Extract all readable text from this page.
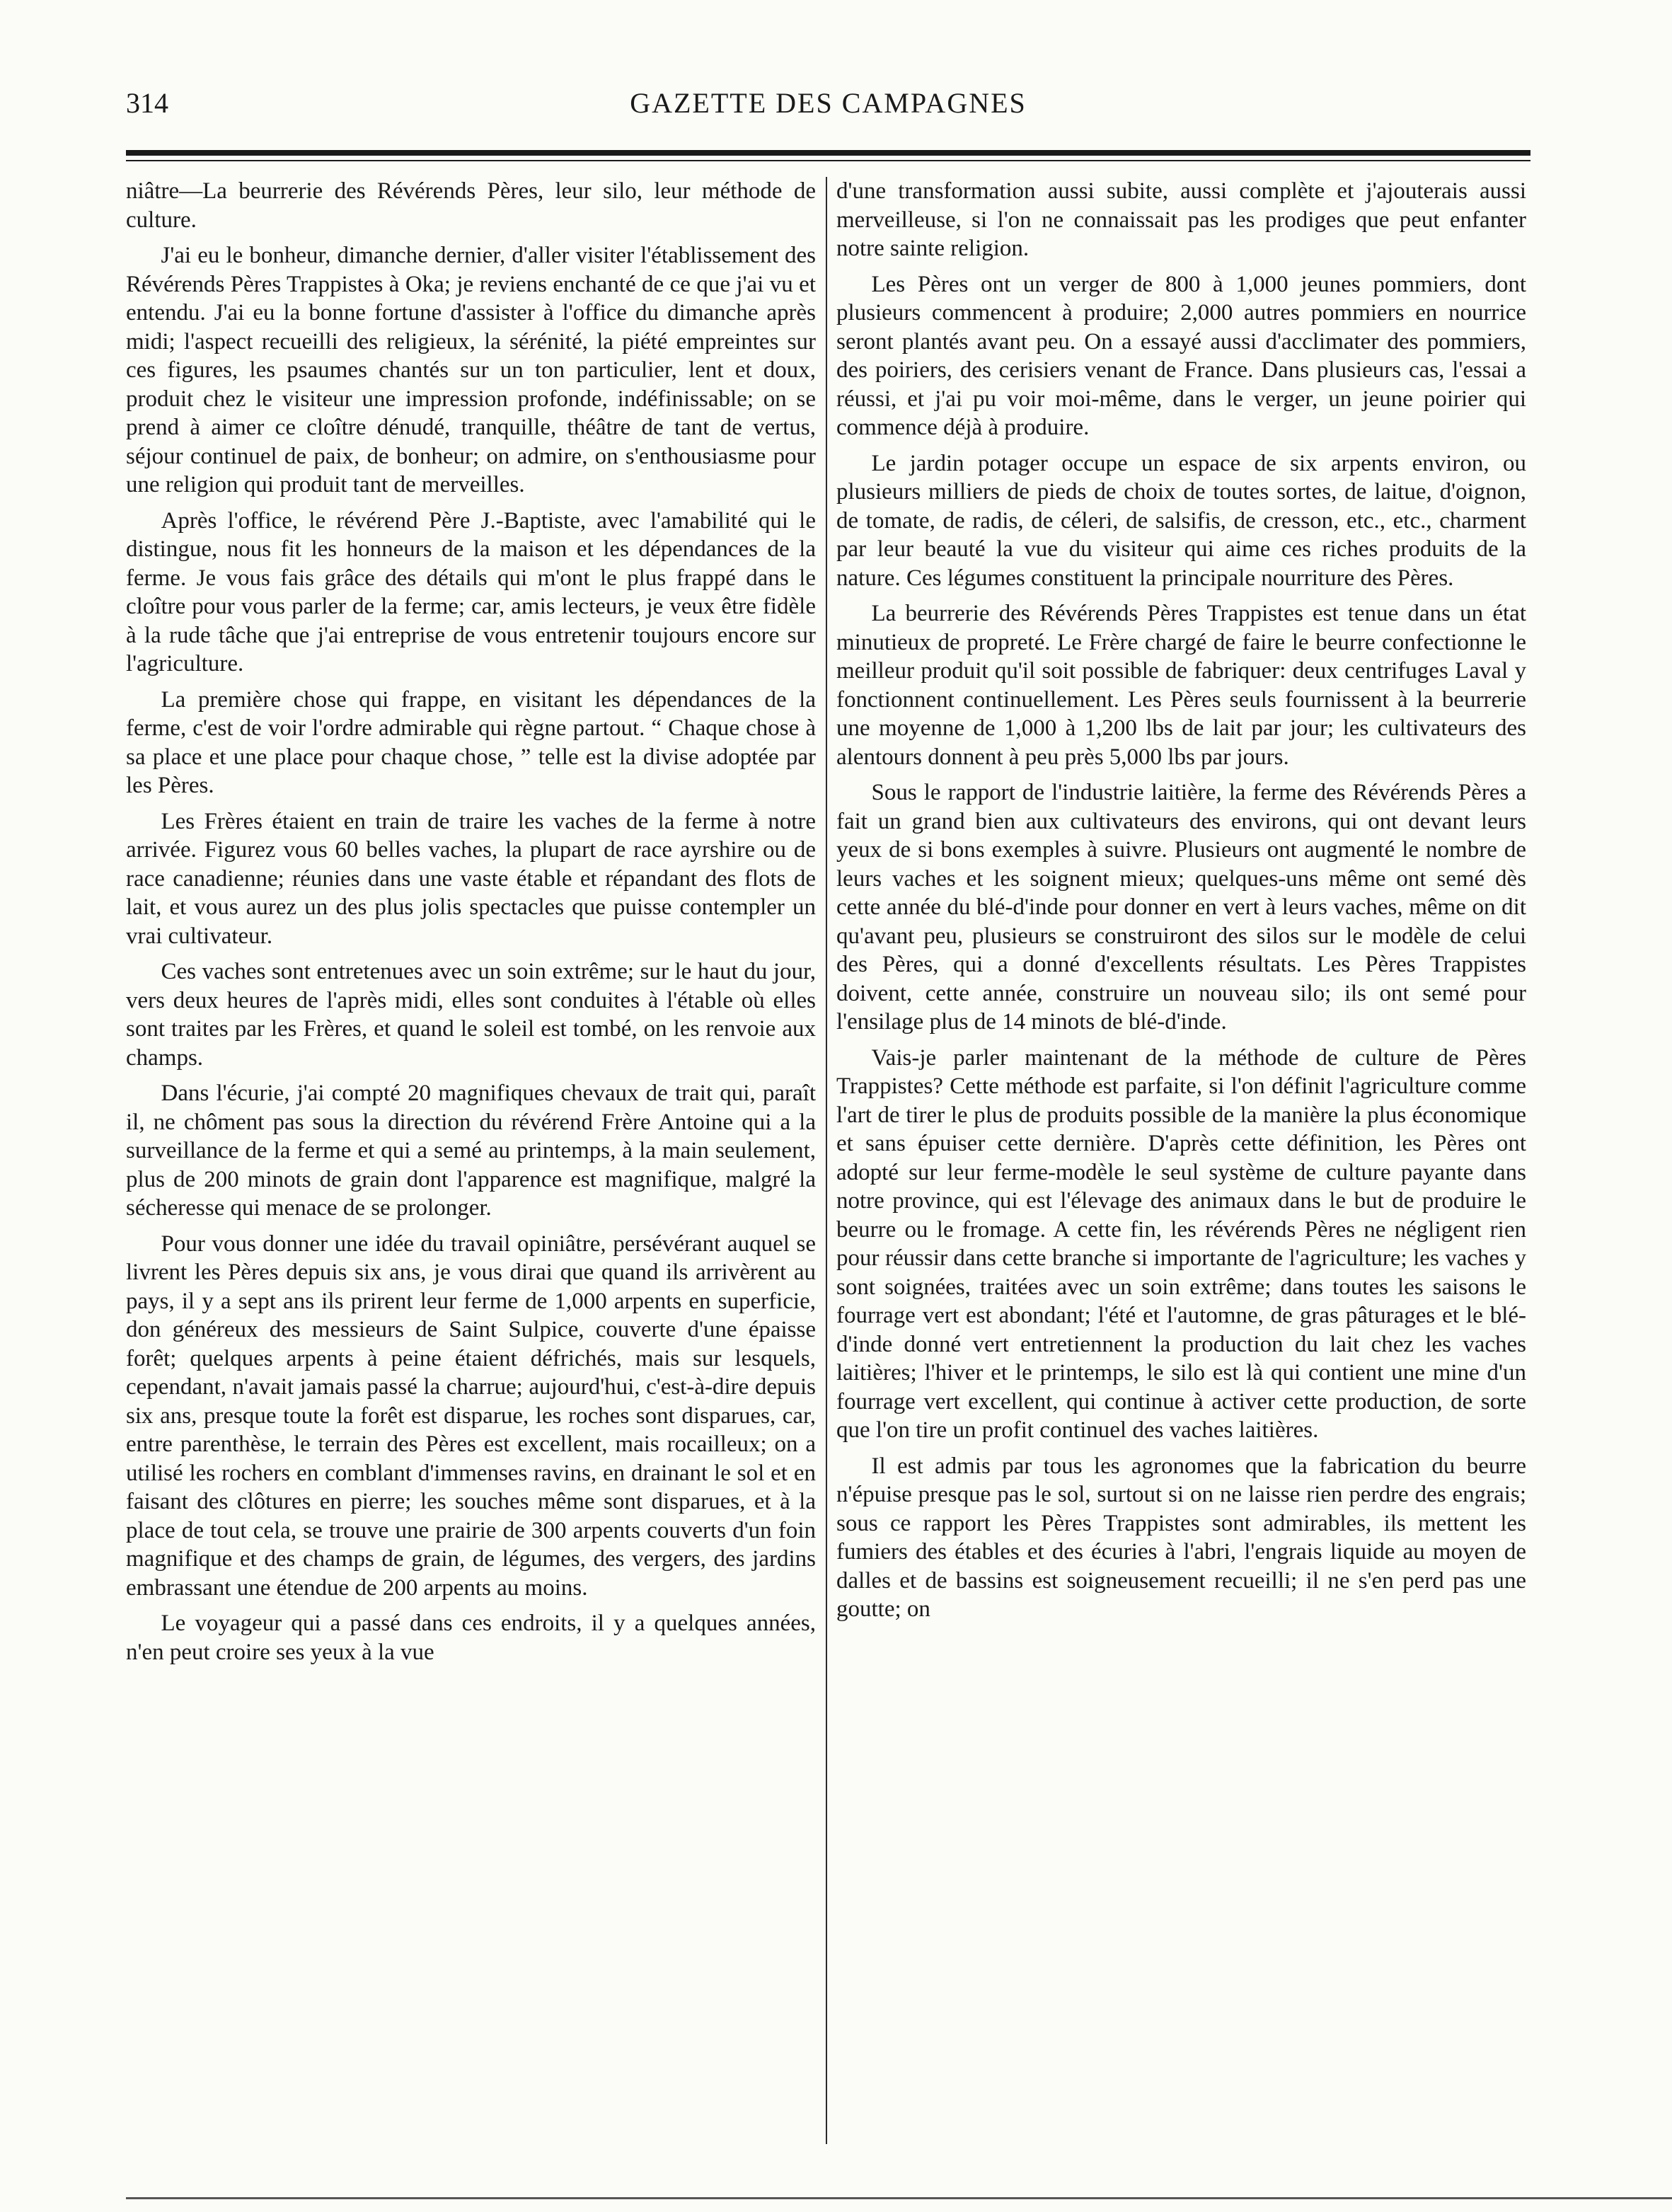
314	GAZETTE DES CAMPAGNES

niâtre—La beurrerie des Révérends Pères, leur silo, leur méthode de culture.

J'ai eu le bonheur, dimanche dernier, d'aller visiter l'établissement des Révérends Pères Trappistes à Oka; je reviens enchanté de ce que j'ai vu et entendu. J'ai eu la bonne fortune d'assister à l'office du dimanche après midi; l'aspect recueilli des religieux, la sérénité, la piété empreintes sur ces figures, les psaumes chantés sur un ton particulier, lent et doux, produit chez le visiteur une impression profonde, indéfinissable; on se prend à aimer ce cloître dénudé, tranquille, théâtre de tant de vertus, séjour continuel de paix, de bonheur; on admire, on s'enthousiasme pour une religion qui produit tant de merveilles.

Après l'office, le révérend Père J.-Baptiste, avec l'amabilité qui le distingue, nous fit les honneurs de la maison et les dépendances de la ferme. Je vous fais grâce des détails qui m'ont le plus frappé dans le cloître pour vous parler de la ferme; car, amis lecteurs, je veux être fidèle à la rude tâche que j'ai entreprise de vous entretenir toujours encore sur l'agriculture.

La première chose qui frappe, en visitant les dépendances de la ferme, c'est de voir l'ordre admirable qui règne partout. “ Chaque chose à sa place et une place pour chaque chose, ” telle est la divise adoptée par les Pères.

Les Frères étaient en train de traire les vaches de la ferme à notre arrivée. Figurez vous 60 belles vaches, la plupart de race ayrshire ou de race canadienne; réunies dans une vaste étable et répandant des flots de lait, et vous aurez un des plus jolis spectacles que puisse contempler un vrai cultivateur.

Ces vaches sont entretenues avec un soin extrême; sur le haut du jour, vers deux heures de l'après midi, elles sont conduites à l'étable où elles sont traites par les Frères, et quand le soleil est tombé, on les renvoie aux champs.

Dans l'écurie, j'ai compté 20 magnifiques chevaux de trait qui, paraît il, ne chôment pas sous la direction du révérend Frère Antoine qui a la surveillance de la ferme et qui a semé au printemps, à la main seulement, plus de 200 minots de grain dont l'apparence est magnifique, malgré la sécheresse qui menace de se prolonger.

Pour vous donner une idée du travail opiniâtre, persévérant auquel se livrent les Pères depuis six ans, je vous dirai que quand ils arrivèrent au pays, il y a sept ans ils prirent leur ferme de 1,000 arpents en superficie, don généreux des messieurs de Saint Sulpice, couverte d'une épaisse forêt; quelques arpents à peine étaient défrichés, mais sur lesquels, cependant, n'avait jamais passé la charrue; aujourd'hui, c'est-à-dire depuis six ans, presque toute la forêt est disparue, les roches sont disparues, car, entre parenthèse, le terrain des Pères est excellent, mais rocailleux; on a utilisé les rochers en comblant d'immenses ravins, en drainant le sol et en faisant des clôtures en pierre; les souches même sont disparues, et à la place de tout cela, se trouve une prairie de 300 arpents couverts d'un foin magnifique et des champs de grain, de légumes, des vergers, des jardins embrassant une étendue de 200 arpents au moins.

Le voyageur qui a passé dans ces endroits, il y a quelques années, n'en peut croire ses yeux à la vue

d'une transformation aussi subite, aussi complète et j'ajouterais aussi merveilleuse, si l'on ne connaissait pas les prodiges que peut enfanter notre sainte religion.

Les Pères ont un verger de 800 à 1,000 jeunes pommiers, dont plusieurs commencent à produire; 2,000 autres pommiers en nourrice seront plantés avant peu. On a essayé aussi d'acclimater des pommiers, des poiriers, des cerisiers venant de France. Dans plusieurs cas, l'essai a réussi, et j'ai pu voir moi-même, dans le verger, un jeune poirier qui commence déjà à produire.

Le jardin potager occupe un espace de six arpents environ, ou plusieurs milliers de pieds de choix de toutes sortes, de laitue, d'oignon, de tomate, de radis, de céleri, de salsifis, de cresson, etc., etc., charment par leur beauté la vue du visiteur qui aime ces riches produits de la nature. Ces légumes constituent la principale nourriture des Pères.

La beurrerie des Révérends Pères Trappistes est tenue dans un état minutieux de propreté. Le Frère chargé de faire le beurre confectionne le meilleur produit qu'il soit possible de fabriquer: deux centrifuges Laval y fonctionnent continuellement. Les Pères seuls fournissent à la beurrerie une moyenne de 1,000 à 1,200 lbs de lait par jour; les cultivateurs des alentours donnent à peu près 5,000 lbs par jours.

Sous le rapport de l'industrie laitière, la ferme des Révérends Pères a fait un grand bien aux cultivateurs des environs, qui ont devant leurs yeux de si bons exemples à suivre. Plusieurs ont augmenté le nombre de leurs vaches et les soignent mieux; quelques-uns même ont semé dès cette année du blé-d'inde pour donner en vert à leurs vaches, même on dit qu'avant peu, plusieurs se construiront des silos sur le modèle de celui des Pères, qui a donné d'excellents résultats. Les Pères Trappistes doivent, cette année, construire un nouveau silo; ils ont semé pour l'ensilage plus de 14 minots de blé-d'inde.

Vais-je parler maintenant de la méthode de culture de Pères Trappistes? Cette méthode est parfaite, si l'on définit l'agriculture comme l'art de tirer le plus de produits possible de la manière la plus économique et sans épuiser cette dernière. D'après cette définition, les Pères ont adopté sur leur ferme-modèle le seul système de culture payante dans notre province, qui est l'élevage des animaux dans le but de produire le beurre ou le fromage. A cette fin, les révérends Pères ne négligent rien pour réussir dans cette branche si importante de l'agriculture; les vaches y sont soignées, traitées avec un soin extrême; dans toutes les saisons le fourrage vert est abondant; l'été et l'automne, de gras pâturages et le blé-d'inde donné vert entretiennent la production du lait chez les vaches laitières; l'hiver et le printemps, le silo est là qui contient une mine d'un fourrage vert excellent, qui continue à activer cette production, de sorte que l'on tire un profit continuel des vaches laitières.

Il est admis par tous les agronomes que la fabrication du beurre n'épuise presque pas le sol, surtout si on ne laisse rien perdre des engrais; sous ce rapport les Pères Trappistes sont admirables, ils mettent les fumiers des étables et des écuries à l'abri, l'engrais liquide au moyen de dalles et de bassins est soigneusement recueilli; il ne s'en perd pas une goutte; on
